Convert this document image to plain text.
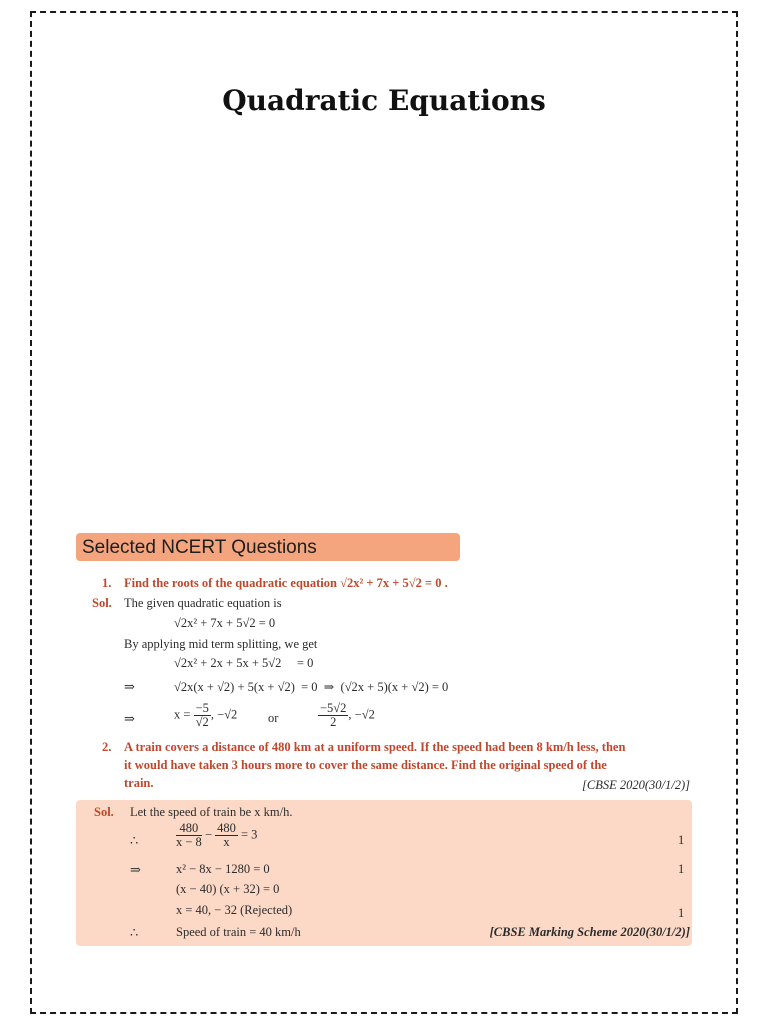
Quadratic Equations
Selected NCERT Questions
1. Find the roots of the quadratic equation √2x² + 7x + 5√2 = 0 .
Sol. The given quadratic equation is
√2x² + 7x + 5√2 = 0
By applying mid term splitting, we get
√2x² + 2x + 5x + 5√2     = 0
⇒	√2x(x + √2) + 5(x + √2)  = 0  ⇒  (√2x + 5)(x + √2) = 0
⇒	$x = \frac{-5}{√2}$ , −√2 or	$\frac{-5√2}{2}$ , −√2
2. A train covers a distance of 480 km at a uniform speed. If the speed had been 8 km/h less, then
it would have taken 3 hours more to cover the same distance. Find the original speed of the
train.	[CBSE 2020(30/1/2)]
Sol. Let the speed of train be x km/h.
∴	$\frac{480}{x - 8} - \frac{480}{x} = 3$	1
⇒	x² − 8x − 1280 = 0	1
(x − 40) (x + 32) = 0
x = 40, − 32 (Rejected)	1
∴	Speed of train = 40 km/h	[CBSE Marking Scheme 2020(30/1/2)]
